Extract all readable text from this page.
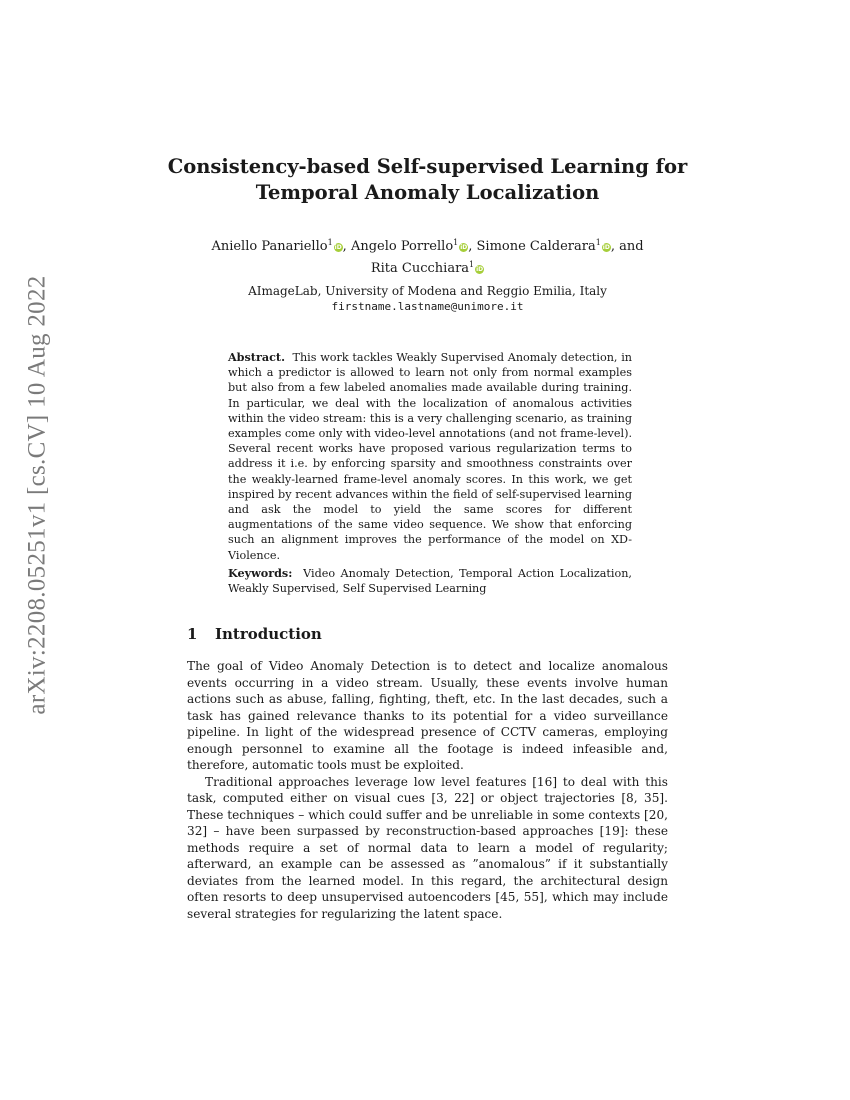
arXiv:2208.05251v1 [cs.CV] 10 Aug 2022
Consistency-based Self-supervised Learning for Temporal Anomaly Localization
Aniello Panariello$^1$iD, Angelo Porrello$^1$iD, Simone Calderara$^1$iD, and Rita Cucchiara$^1$iD
AImageLab, University of Modena and Reggio Emilia, Italy
firstname.lastname@unimore.it
Abstract. This work tackles Weakly Supervised Anomaly detection, in which a predictor is allowed to learn not only from normal examples but also from a few labeled anomalies made available during training. In particular, we deal with the localization of anomalous activities within the video stream: this is a very challenging scenario, as training examples come only with video-level annotations (and not frame-level). Several recent works have proposed various regularization terms to address it i.e. by enforcing sparsity and smoothness constraints over the weakly-learned frame-level anomaly scores. In this work, we get inspired by recent advances within the field of self-supervised learning and ask the model to yield the same scores for different augmentations of the same video sequence. We show that enforcing such an alignment improves the performance of the model on XD-Violence.
Keywords: Video Anomaly Detection, Temporal Action Localization, Weakly Supervised, Self Supervised Learning
1 Introduction

The goal of Video Anomaly Detection is to detect and localize anomalous events occurring in a video stream. Usually, these events involve human actions such as abuse, falling, fighting, theft, etc. In the last decades, such a task has gained relevance thanks to its potential for a video surveillance pipeline. In light of the widespread presence of CCTV cameras, employing enough personnel to examine all the footage is indeed infeasible and, therefore, automatic tools must be exploited.

Traditional approaches leverage low level features [16] to deal with this task, computed either on visual cues [3, 22] or object trajectories [8, 35]. These techniques – which could suffer and be unreliable in some contexts [20, 32] – have been surpassed by reconstruction-based approaches [19]: these methods require a set of normal data to learn a model of regularity; afterward, an example can be assessed as ”anomalous” if it substantially deviates from the learned model. In this regard, the architectural design often resorts to deep unsupervised autoencoders [45, 55], which may include several strategies for regularizing the latent space.
